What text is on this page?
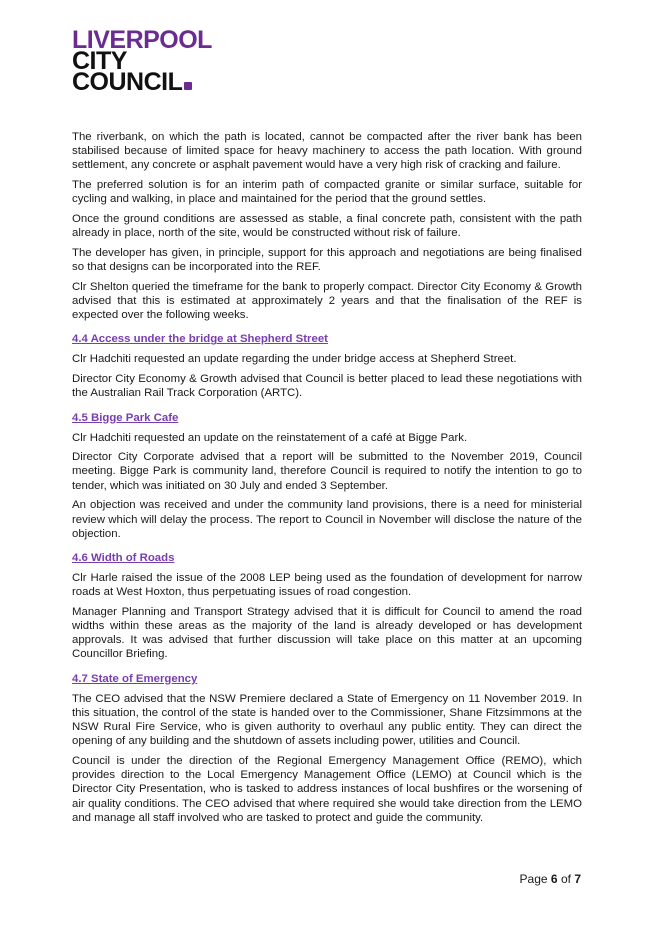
LIVERPOOL
CITY
COUNCIL

The riverbank, on which the path is located, cannot be compacted after the river bank has been stabilised because of limited space for heavy machinery to access the path location. With ground settlement, any concrete or asphalt pavement would have a very high risk of cracking and failure.

The preferred solution is for an interim path of compacted granite or similar surface, suitable for cycling and walking, in place and maintained for the period that the ground settles.

Once the ground conditions are assessed as stable, a final concrete path, consistent with the path already in place, north of the site, would be constructed without risk of failure.

The developer has given, in principle, support for this approach and negotiations are being finalised so that designs can be incorporated into the REF.

Clr Shelton queried the timeframe for the bank to properly compact. Director City Economy & Growth advised that this is estimated at approximately 2 years and that the finalisation of the REF is expected over the following weeks.

4.4 Access under the bridge at Shepherd Street

Clr Hadchiti requested an update regarding the under bridge access at Shepherd Street.

Director City Economy & Growth advised that Council is better placed to lead these negotiations with the Australian Rail Track Corporation (ARTC).

4.5 Bigge Park Cafe

Clr Hadchiti requested an update on the reinstatement of a café at Bigge Park.

Director City Corporate advised that a report will be submitted to the November 2019, Council meeting. Bigge Park is community land, therefore Council is required to notify the intention to go to tender, which was initiated on 30 July and ended 3 September.

An objection was received and under the community land provisions, there is a need for ministerial review which will delay the process. The report to Council in November will disclose the nature of the objection.

4.6 Width of Roads

Clr Harle raised the issue of the 2008 LEP being used as the foundation of development for narrow roads at West Hoxton, thus perpetuating issues of road congestion.

Manager Planning and Transport Strategy advised that it is difficult for Council to amend the road widths within these areas as the majority of the land is already developed or has development approvals. It was advised that further discussion will take place on this matter at an upcoming Councillor Briefing.

4.7 State of Emergency

The CEO advised that the NSW Premiere declared a State of Emergency on 11 November 2019. In this situation, the control of the state is handed over to the Commissioner, Shane Fitzsimmons at the NSW Rural Fire Service, who is given authority to overhaul any public entity. They can direct the opening of any building and the shutdown of assets including power, utilities and Council.

Council is under the direction of the Regional Emergency Management Office (REMO), which provides direction to the Local Emergency Management Office (LEMO) at Council which is the Director City Presentation, who is tasked to address instances of local bushfires or the worsening of air quality conditions. The CEO advised that where required she would take direction from the LEMO and manage all staff involved who are tasked to protect and guide the community.

Page 6 of 7
